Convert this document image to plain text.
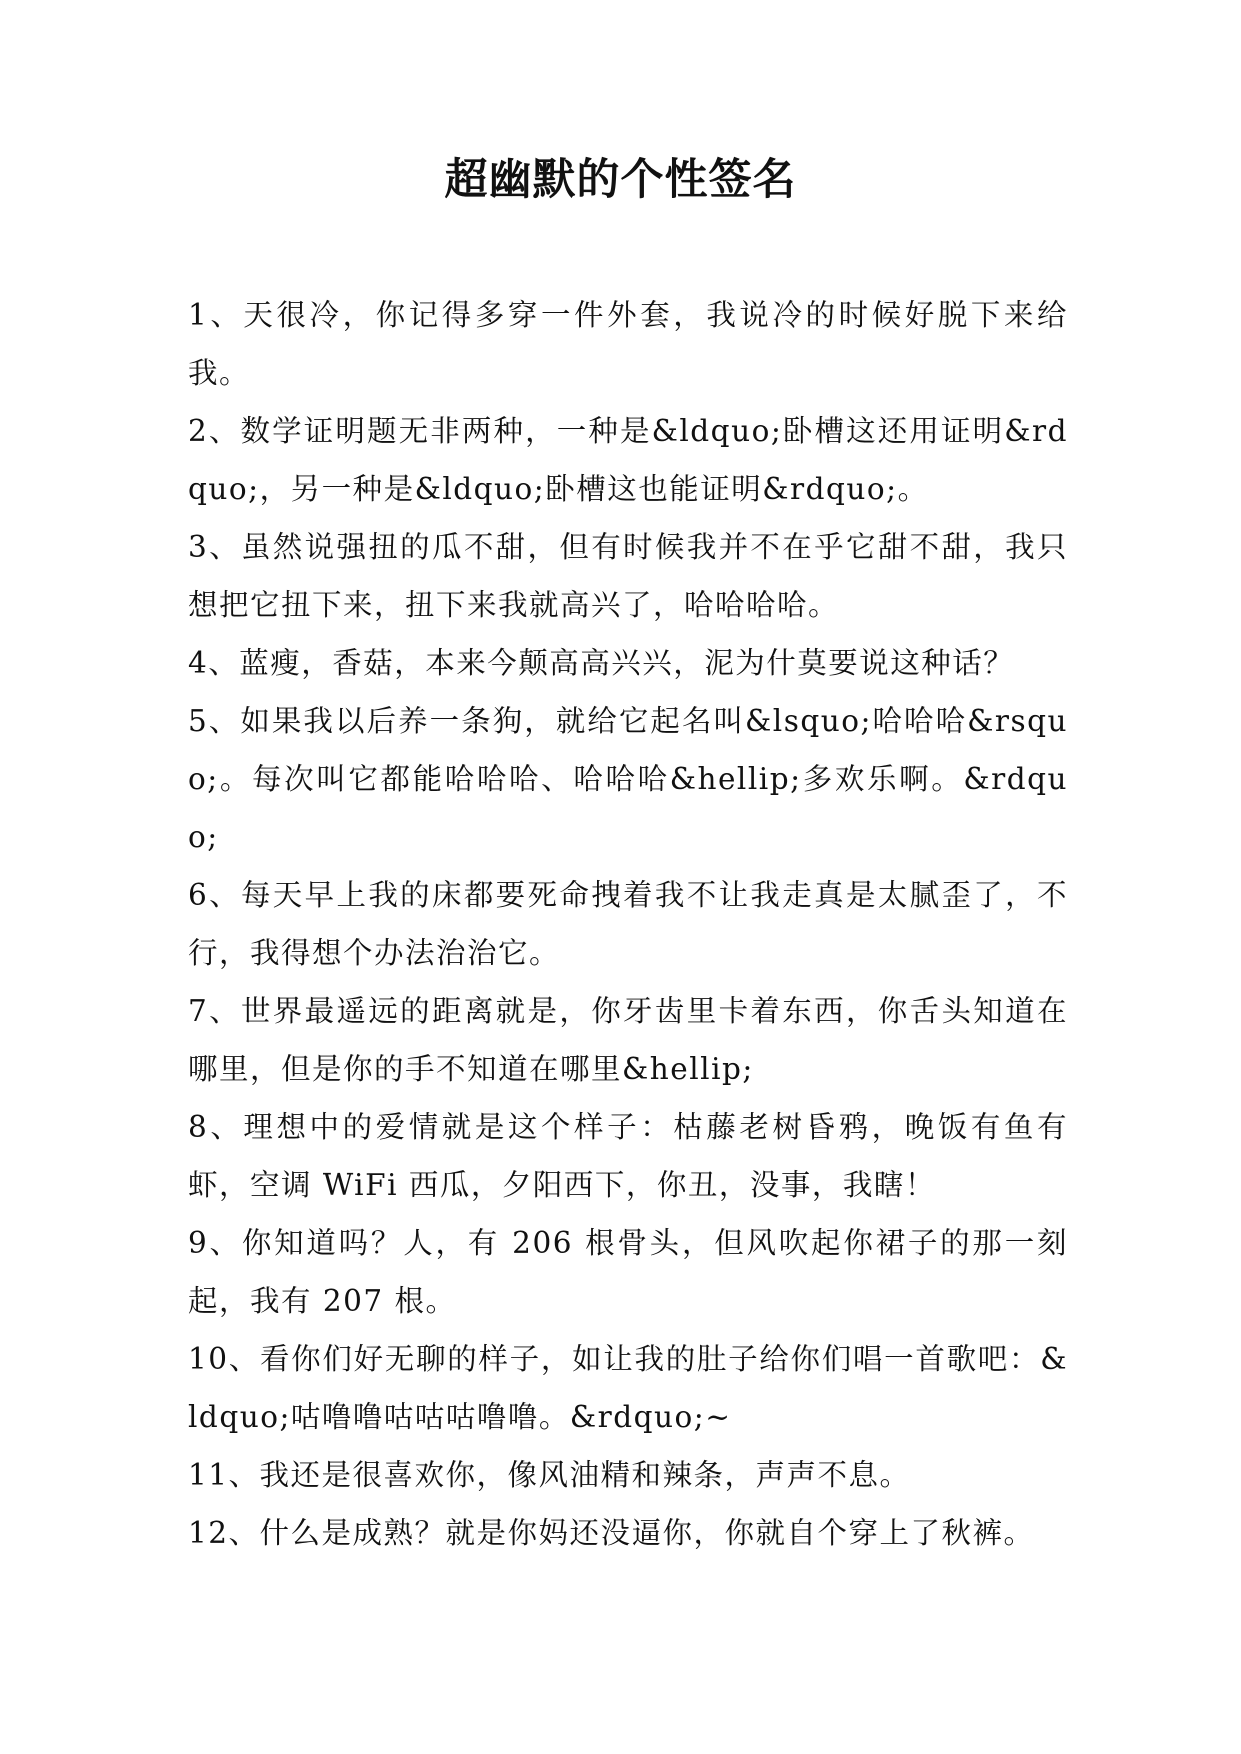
超幽默的个性签名

1、天很冷，你记得多穿一件外套，我说冷的时候好脱下来给我。

2、数学证明题无非两种，一种是&ldquo;卧槽这还用证明&rdquo;，另一种是&ldquo;卧槽这也能证明&rdquo;。

3、虽然说强扭的瓜不甜，但有时候我并不在乎它甜不甜，我只想把它扭下来，扭下来我就高兴了，哈哈哈哈。

4、蓝瘦，香菇，本来今颠高高兴兴，泥为什莫要说这种话？

5、如果我以后养一条狗，就给它起名叫&lsquo;哈哈哈&rsquo;。每次叫它都能哈哈哈、哈哈哈&hellip;多欢乐啊。&rdquo;

6、每天早上我的床都要死命拽着我不让我走真是太腻歪了，不行，我得想个办法治治它。

7、世界最遥远的距离就是，你牙齿里卡着东西，你舌头知道在哪里，但是你的手不知道在哪里&hellip;

8、理想中的爱情就是这个样子：枯藤老树昏鸦，晚饭有鱼有虾，空调 WiFi 西瓜，夕阳西下，你丑，没事，我瞎！

9、你知道吗？人，有 206 根骨头，但风吹起你裙子的那一刻起，我有 207 根。

10、看你们好无聊的样子，如让我的肚子给你们唱一首歌吧：&ldquo;咕噜噜咕咕咕噜噜。&rdquo;~

11、我还是很喜欢你，像风油精和辣条，声声不息。

12、什么是成熟？就是你妈还没逼你，你就自个穿上了秋裤。
